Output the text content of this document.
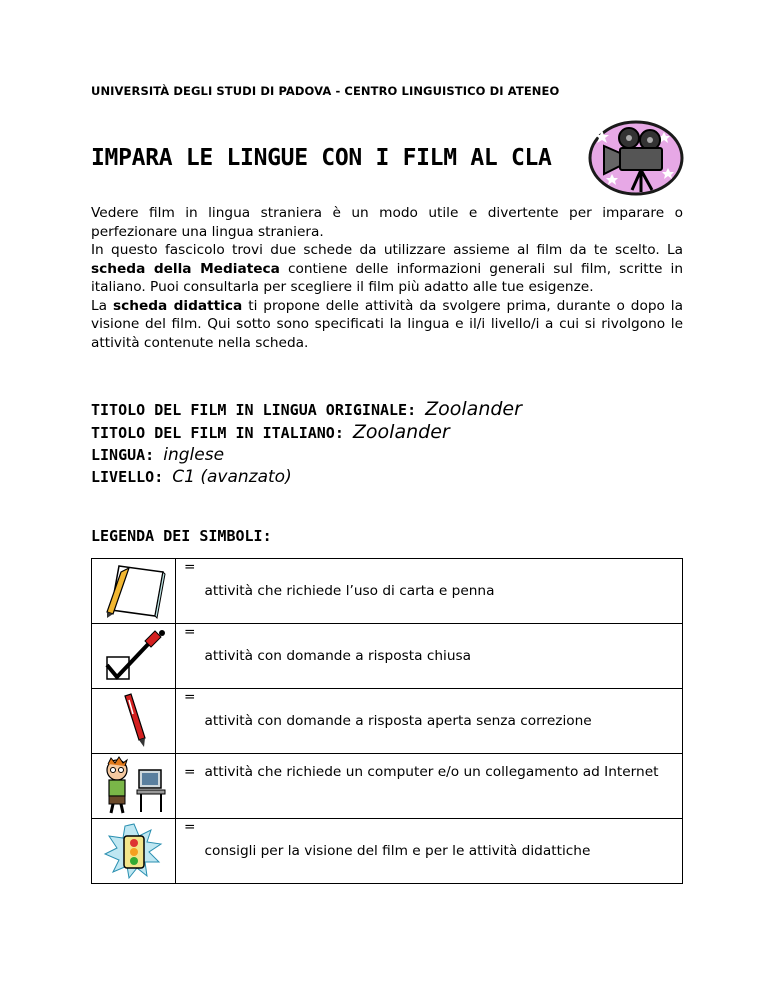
UNIVERSITÀ DEGLI STUDI DI PADOVA - CENTRO LINGUISTICO DI ATENEO
IMPARA LE LINGUE CON I FILM AL CLA

Vedere film in lingua straniera è un modo utile e divertente per imparare o perfezionare una lingua straniera.

In questo fascicolo trovi due schede da utilizzare assieme al film da te scelto. La scheda della Mediateca contiene delle informazioni generali sul film, scritte in italiano. Puoi consultarla per scegliere il film più adatto alle tue esigenze.

La scheda didattica ti propone delle attività da svolgere prima, durante o dopo la visione del film. Qui sotto sono specificati la lingua e il/i livello/i a cui si rivolgono le attività contenute nella scheda.

TITOLO DEL FILM IN LINGUA ORIGINALE: Zoolander
TITOLO DEL FILM IN ITALIANO: Zoolander
LINGUA: inglese
LIVELLO: C1 (avanzato)
LEGENDA DEI SIMBOLI:
=
attività che richiede l’uso di carta e penna
=
attività con domande a risposta chiusa
=
attività con domande a risposta aperta senza correzione
= attività che richiede un computer e/o un collegamento ad Internet
=
consigli per la visione del film e per le attività didattiche
